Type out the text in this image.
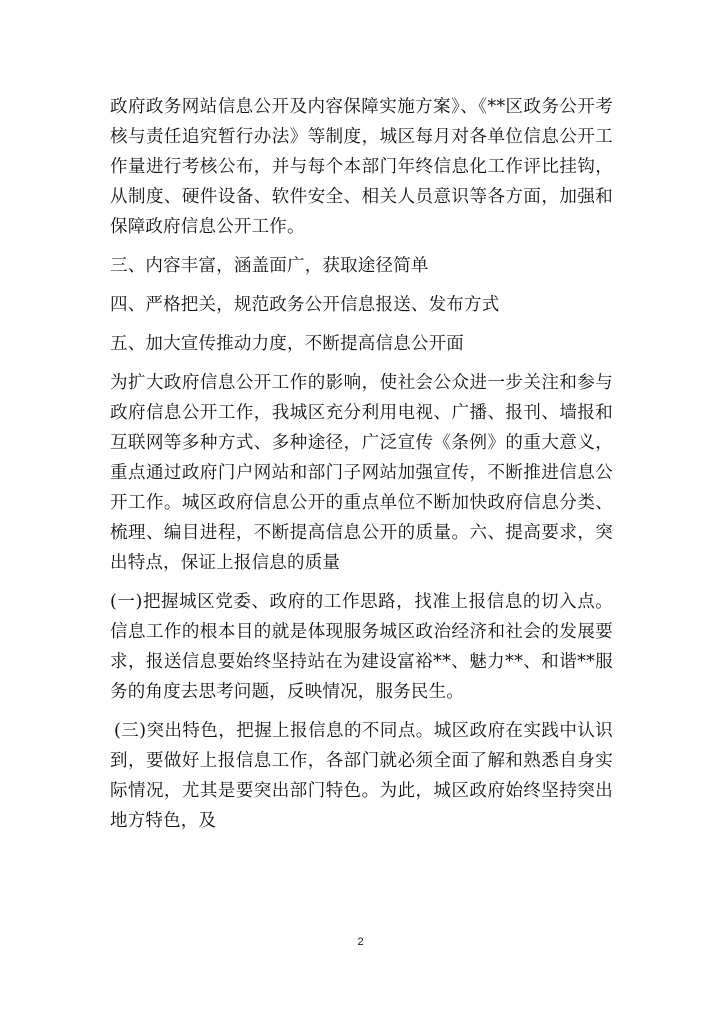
政府政务网站信息公开及内容保障实施方案》、《**区政务公开考核与责任追究暂行办法》等制度，城区每月对各单位信息公开工作量进行考核公布，并与每个本部门年终信息化工作评比挂钩，从制度、硬件设备、软件安全、相关人员意识等各方面，加强和保障政府信息公开工作。

三、内容丰富，涵盖面广，获取途径简单

四、严格把关，规范政务公开信息报送、发布方式

五、加大宣传推动力度，不断提高信息公开面

为扩大政府信息公开工作的影响，使社会公众进一步关注和参与政府信息公开工作，我城区充分利用电视、广播、报刊、墙报和互联网等多种方式、多种途径，广泛宣传《条例》的重大意义，重点通过政府门户网站和部门子网站加强宣传，不断推进信息公开工作。城区政府信息公开的重点单位不断加快政府信息分类、梳理、编目进程，不断提高信息公开的质量。六、提高要求，突出特点，保证上报信息的质量

(一)把握城区党委、政府的工作思路，找准上报信息的切入点。信息工作的根本目的就是体现服务城区政治经济和社会的发展要求，报送信息要始终坚持站在为建设富裕**、魅力**、和谐**服务的角度去思考问题，反映情况，服务民生。

(三)突出特色，把握上报信息的不同点。城区政府在实践中认识到，要做好上报信息工作，各部门就必须全面了解和熟悉自身实际情况，尤其是要突出部门特色。为此，城区政府始终坚持突出地方特色，及

2
